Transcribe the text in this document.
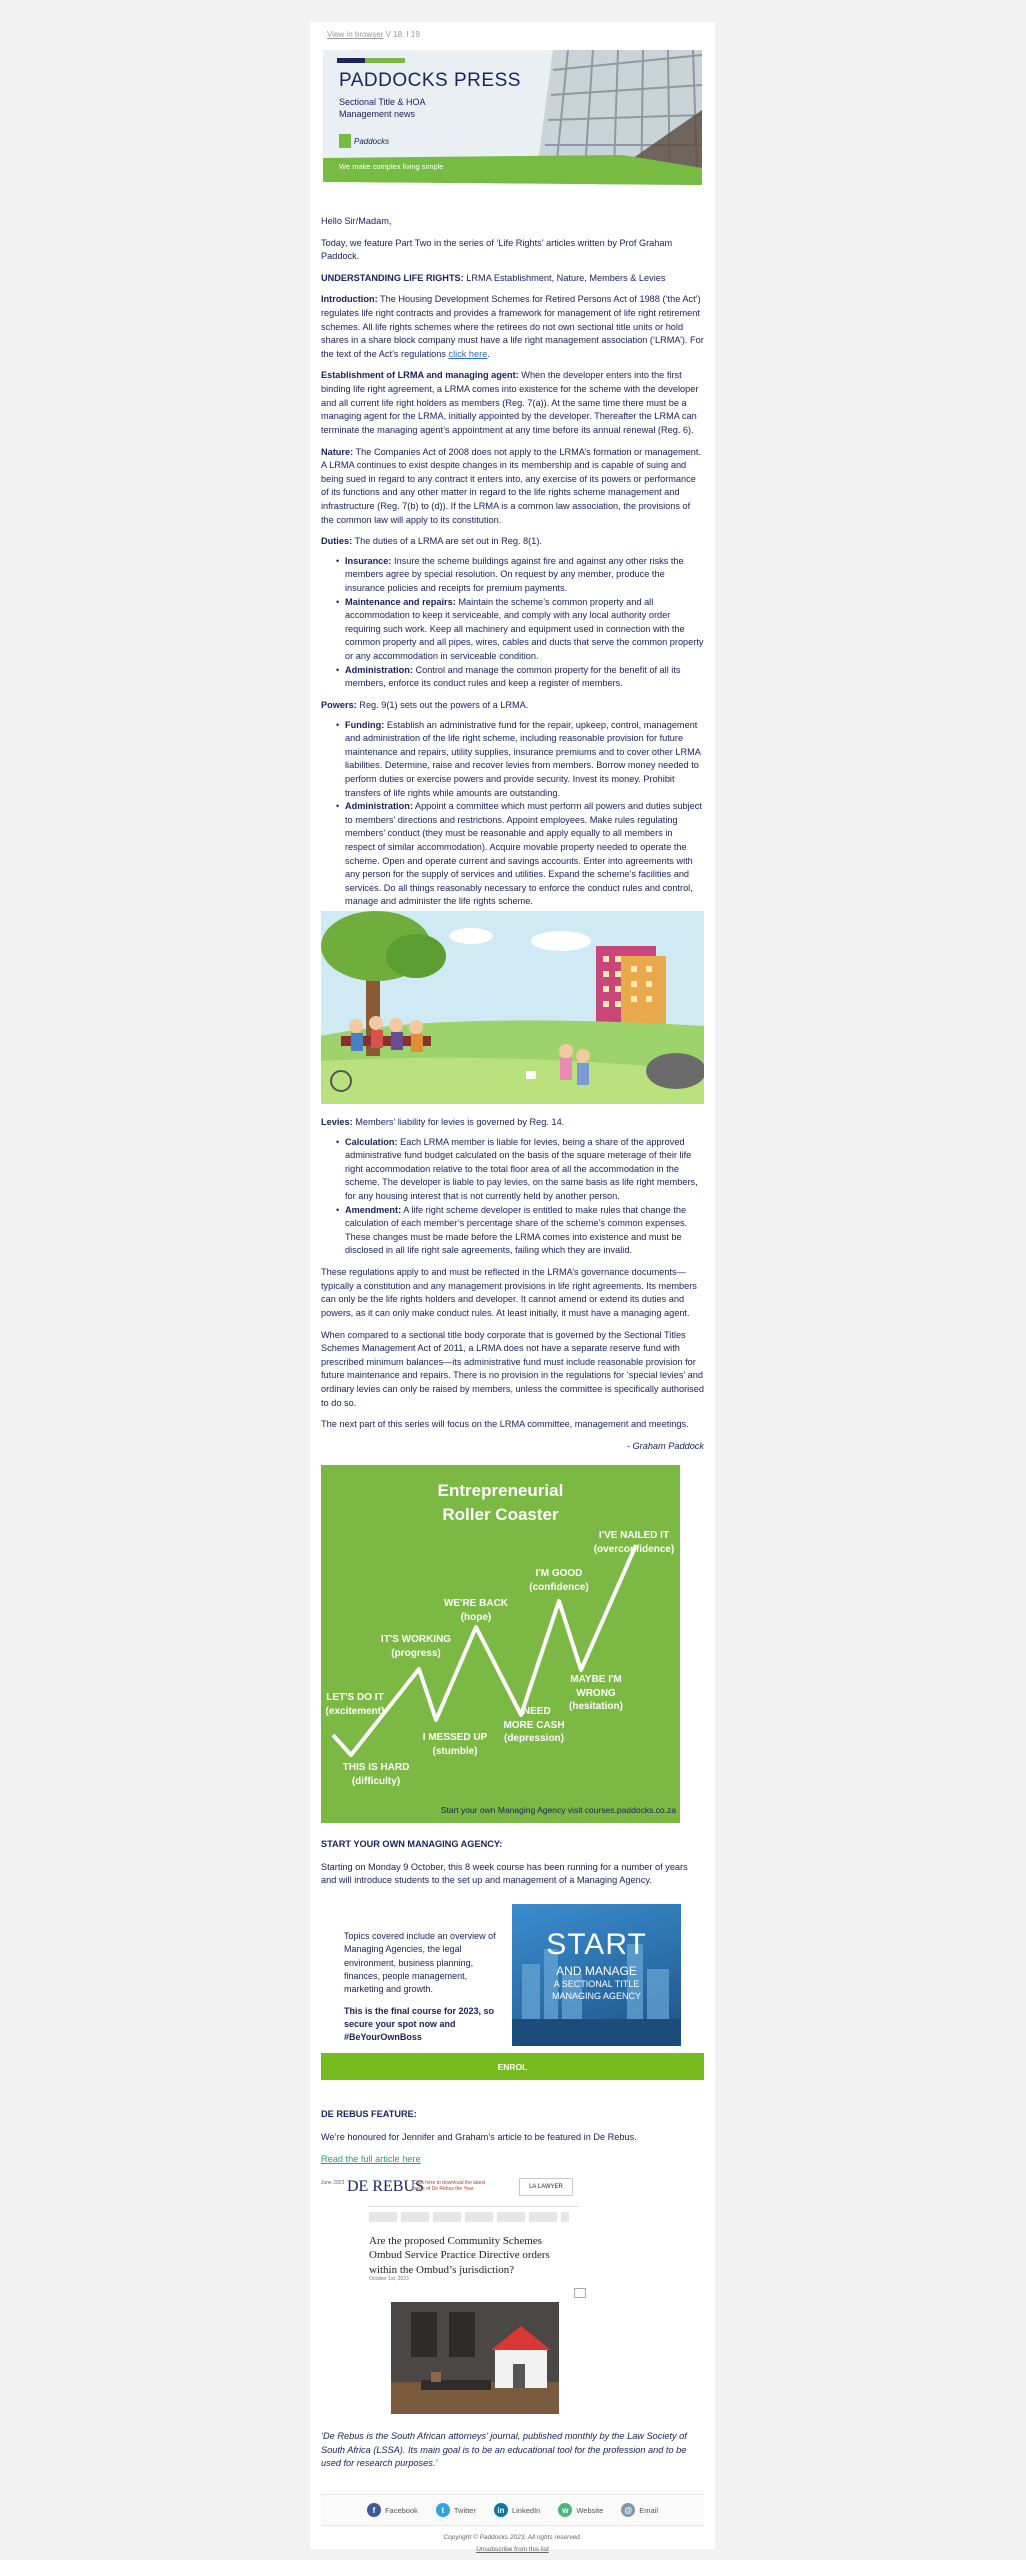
View in browser V 18. I 19
PADDOCKS PRESS
Sectional Title & HOA
Management news
Paddocks
We make complex living simple

Hello Sir/Madam,

Today, we feature Part Two in the series of ‘Life Rights’ articles written by Prof Graham Paddock.

UNDERSTANDING LIFE RIGHTS: LRMA Establishment, Nature, Members & Levies

Introduction: The Housing Development Schemes for Retired Persons Act of 1988 (‘the Act’) regulates life right contracts and provides a framework for management of life right retirement schemes. All life rights schemes where the retirees do not own sectional title units or hold shares in a share block company must have a life right management association (‘LRMA’). For the text of the Act’s regulations click here.

Establishment of LRMA and managing agent: When the developer enters into the first binding life right agreement, a LRMA comes into existence for the scheme with the developer and all current life right holders as members (Reg. 7(a)). At the same time there must be a managing agent for the LRMA, initially appointed by the developer. Thereafter the LRMA can terminate the managing agent’s appointment at any time before its annual renewal (Reg. 6).

Nature: The Companies Act of 2008 does not apply to the LRMA’s formation or management. A LRMA continues to exist despite changes in its membership and is capable of suing and being sued in regard to any contract it enters into, any exercise of its powers or performance of its functions and any other matter in regard to the life rights scheme management and infrastructure (Reg. 7(b) to (d)). If the LRMA is a common law association, the provisions of the common law will apply to its constitution.

Duties: The duties of a LRMA are set out in Reg. 8(1).

• Insurance: Insure the scheme buildings against fire and against any other risks the members agree by special resolution. On request by any member, produce the insurance policies and receipts for premium payments.
• Maintenance and repairs: Maintain the scheme’s common property and all accommodation to keep it serviceable, and comply with any local authority order requiring such work. Keep all machinery and equipment used in connection with the common property and all pipes, wires, cables and ducts that serve the common property or any accommodation in serviceable condition.
• Administration: Control and manage the common property for the benefit of all its members, enforce its conduct rules and keep a register of members.

Powers: Reg. 9(1) sets out the powers of a LRMA.

• Funding: Establish an administrative fund for the repair, upkeep, control, management and administration of the life right scheme, including reasonable provision for future maintenance and repairs, utility supplies, insurance premiums and to cover other LRMA liabilities. Determine, raise and recover levies from members. Borrow money needed to perform duties or exercise powers and provide security. Invest its money. Prohibit transfers of life rights while amounts are outstanding.
• Administration: Appoint a committee which must perform all powers and duties subject to members’ directions and restrictions. Appoint employees. Make rules regulating members’ conduct (they must be reasonable and apply equally to all members in respect of similar accommodation). Acquire movable property needed to operate the scheme. Open and operate current and savings accounts. Enter into agreements with any person for the supply of services and utilities. Expand the scheme’s facilities and services. Do all things reasonably necessary to enforce the conduct rules and control, manage and administer the life rights scheme.

Levies: Members’ liability for levies is governed by Reg. 14.

• Calculation: Each LRMA member is liable for levies, being a share of the approved administrative fund budget calculated on the basis of the square meterage of their life right accommodation relative to the total floor area of all the accommodation in the scheme. The developer is liable to pay levies, on the same basis as life right members, for any housing interest that is not currently held by another person.
• Amendment: A life right scheme developer is entitled to make rules that change the calculation of each member’s percentage share of the scheme’s common expenses. These changes must be made before the LRMA comes into existence and must be disclosed in all life right sale agreements, failing which they are invalid.

These regulations apply to and must be reflected in the LRMA’s governance documents—typically a constitution and any management provisions in life right agreements. Its members can only be the life rights holders and developer. It cannot amend or extend its duties and powers, as it can only make conduct rules. At least initially, it must have a managing agent.

When compared to a sectional title body corporate that is governed by the Sectional Titles Schemes Management Act of 2011, a LRMA does not have a separate reserve fund with prescribed minimum balances—its administrative fund must include reasonable provision for future maintenance and repairs. There is no provision in the regulations for ‘special levies’ and ordinary levies can only be raised by members, unless the committee is specifically authorised to do so.

The next part of this series will focus on the LRMA committee, management and meetings.

- Graham Paddock

Entrepreneurial
Roller Coaster
LET'S DO IT
(excitement)
THIS IS HARD
(difficulty)
IT'S WORKING
(progress)
I MESSED UP
(stumble)
WE'RE BACK
(hope)
I NEED
MORE CASH
(depression)
I'M GOOD
(confidence)
MAYBE I'M
WRONG
(hesitation)
I'VE NAILED IT
(overconfidence)
Start your own Managing Agency visit courses.paddocks.co.za

START YOUR OWN MANAGING AGENCY:

Starting on Monday 9 October, this 8 week course has been running for a number of years and will introduce students to the set up and management of a Managing Agency.

Topics covered include an overview of Managing Agencies, the legal environment, business planning, finances, people management, marketing and growth.

This is the final course for 2023, so secure your spot now and #BeYourOwnBoss

START
AND MANAGE
A SECTIONAL TITLE
MANAGING AGENCY
ENROL

DE REBUS FEATURE:

We’re honoured for Jennifer and Graham’s article to be featured in De Rebus.

Read the full article here

June 2023 DE REBUS
Click here to download the latest
issue of De Rebus the Year	LA LAWYER
Are the proposed Community Schemes Ombud Service Practice Directive orders within the Ombud’s jurisdiction?
October 1st, 2023
‘De Rebus is the South African attorneys’ journal, published monthly by the Law Society of South Africa (LSSA). Its main goal is to be an educational tool for the profession and to be used for research purposes.’
f	Facebook	t	Twitter	in LinkedIn	w	Website	@ Email
Copyright © Paddocks 2023, All rights reserved.
Unsubscribe from this list
